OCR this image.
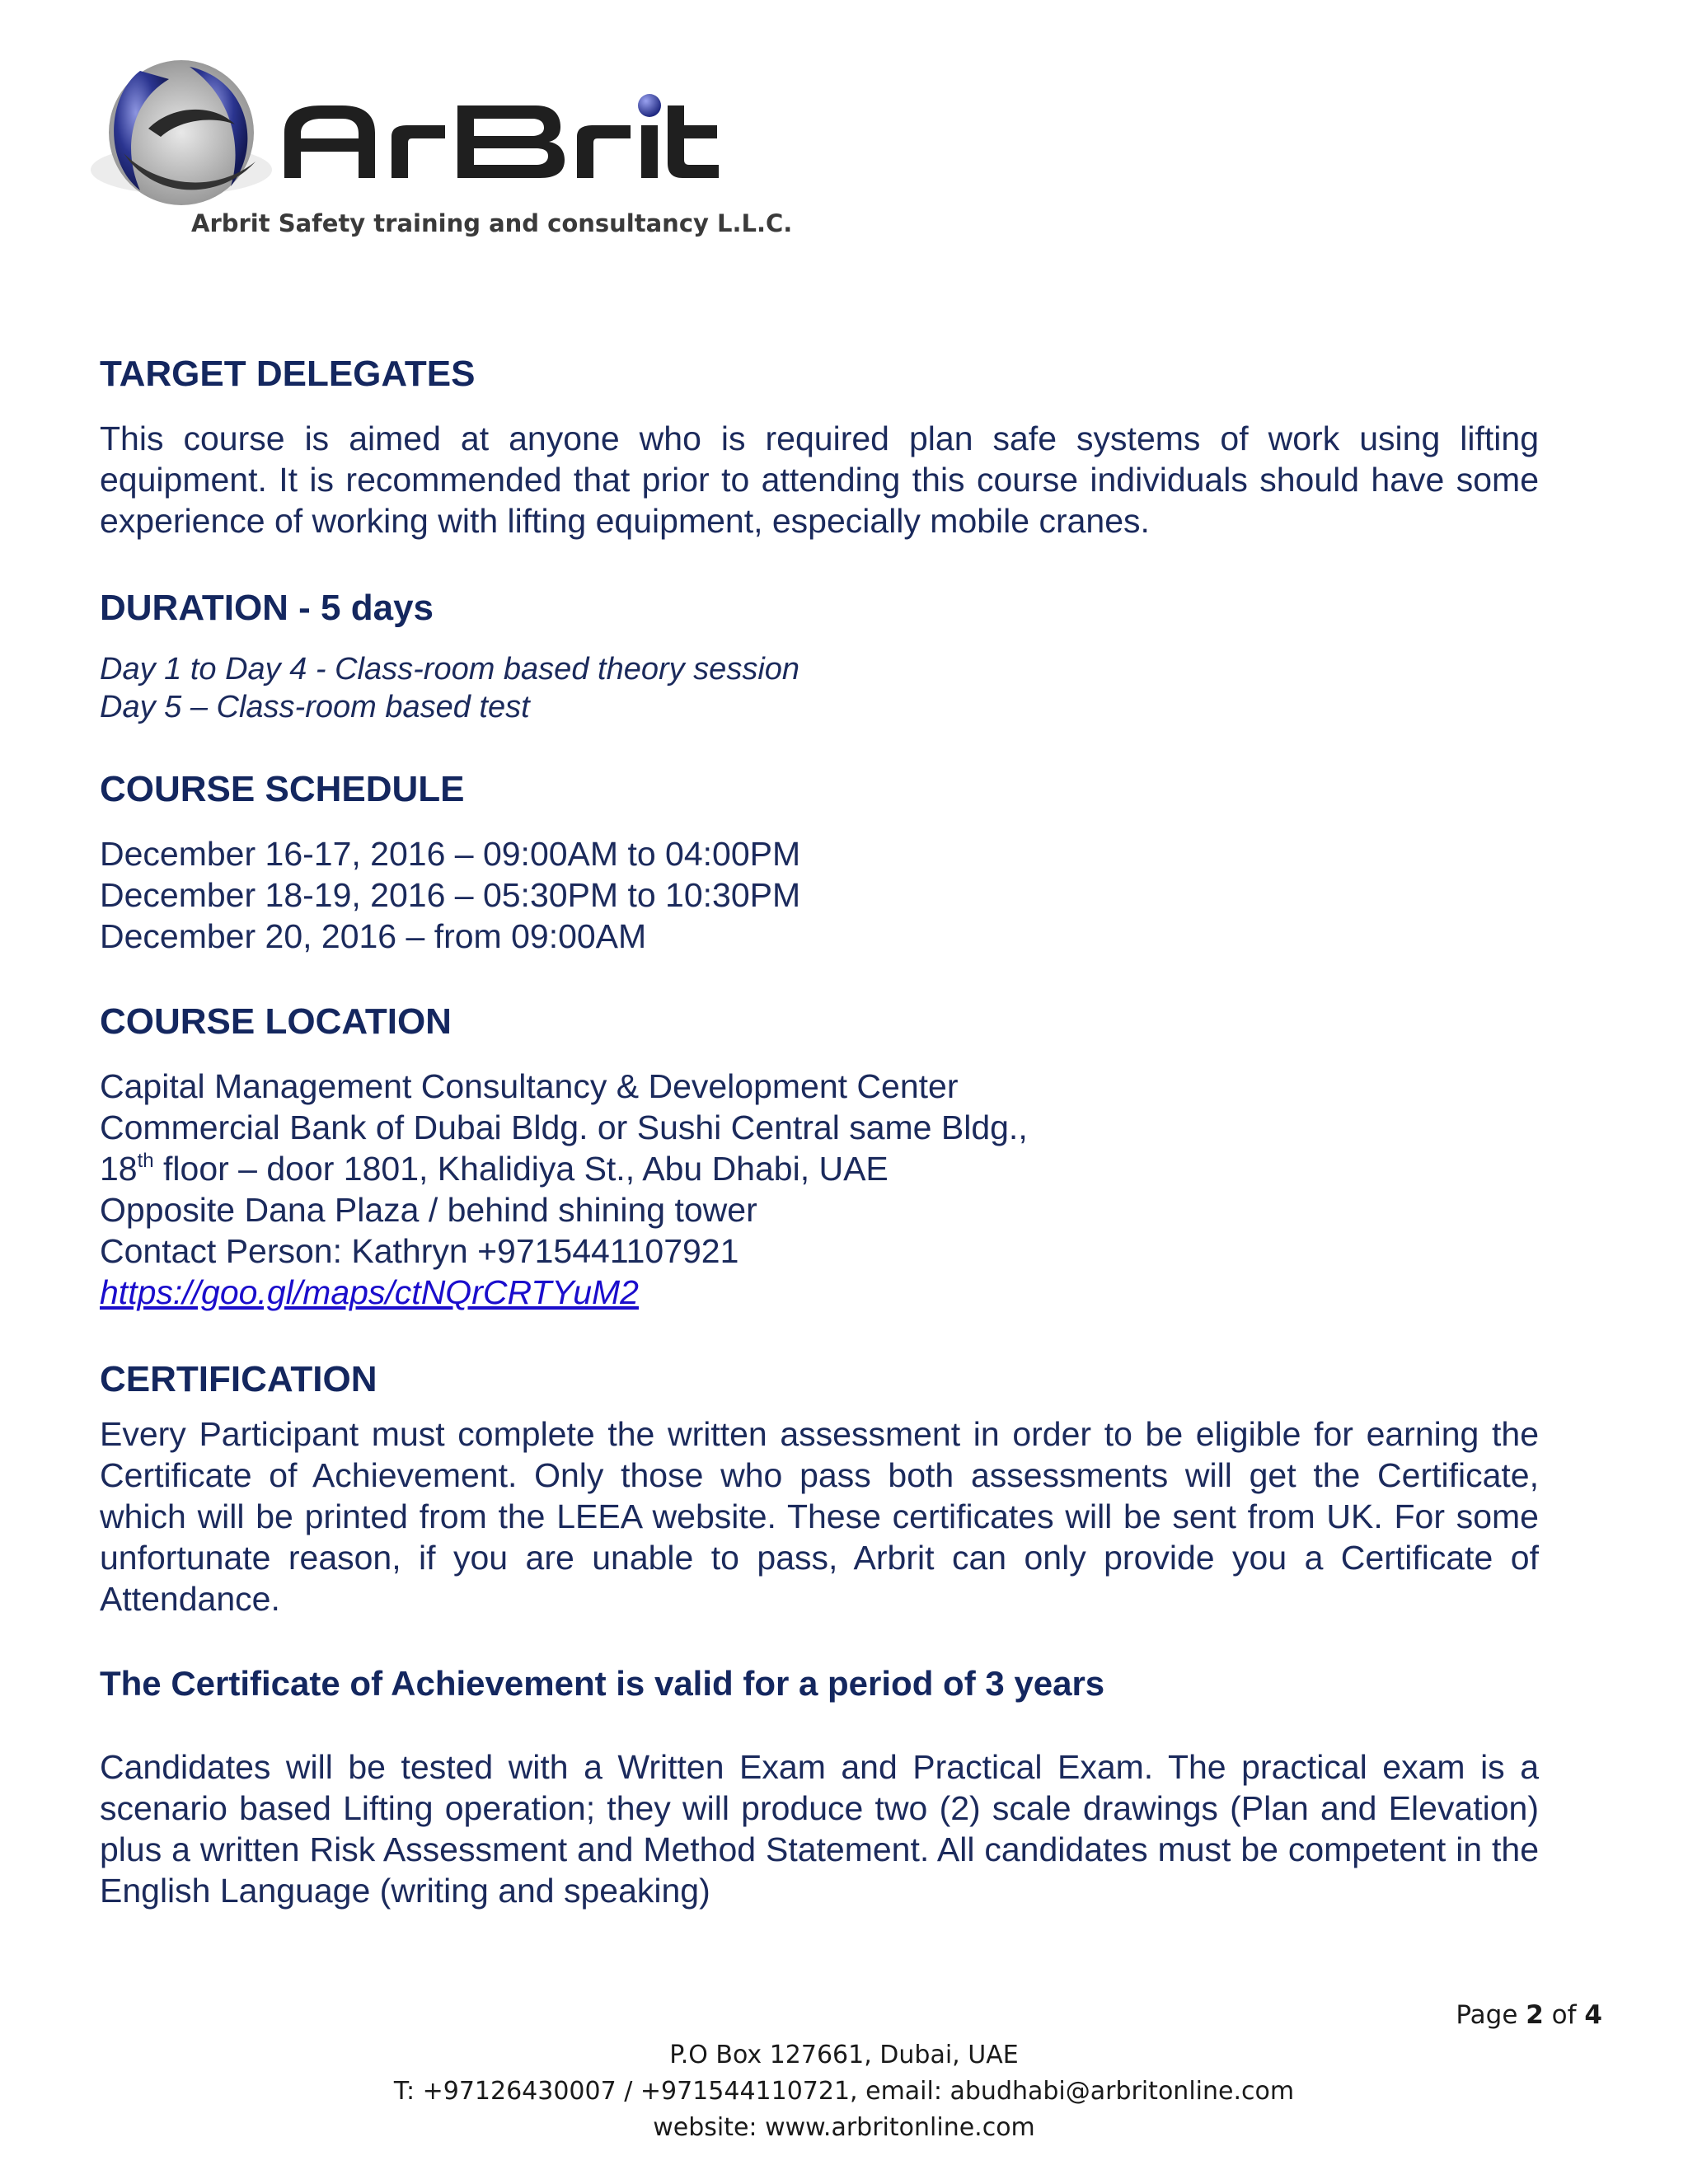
Arbrit Safety training and consultancy L.L.C.
TARGET DELEGATES

This course is aimed at anyone who is required plan safe systems of work using lifting equipment. It is recommended that prior to attending this course individuals should have some experience of working with lifting equipment, especially mobile cranes.

DURATION - 5 days
Day 1 to Day 4 - Class-room based theory session
Day 5 – Class-room based test
COURSE SCHEDULE
December 16-17, 2016 – 09:00AM to 04:00PM
December 18-19, 2016 – 05:30PM to 10:30PM
December 20, 2016 – from 09:00AM
COURSE LOCATION
Capital Management Consultancy & Development Center
Commercial Bank of Dubai Bldg. or Sushi Central same Bldg.,
18th floor – door 1801, Khalidiya St., Abu Dhabi, UAE
Opposite Dana Plaza / behind shining tower
Contact Person: Kathryn +9715441107921
https://goo.gl/maps/ctNQrCRTYuM2
CERTIFICATION

Every Participant must complete the written assessment in order to be eligible for earning the Certificate of Achievement. Only those who pass both assessments will get the Certificate, which will be printed from the LEEA website. These certificates will be sent from UK. For some unfortunate reason, if you are unable to pass, Arbrit can only provide you a Certificate of Attendance.

The Certificate of Achievement is valid for a period of 3 years

Candidates will be tested with a Written Exam and Practical Exam. The practical exam is a scenario based Lifting operation; they will produce two (2) scale drawings (Plan and Elevation) plus a written Risk Assessment and Method Statement. All candidates must be competent in the English Language (writing and speaking)

Page 2 of 4
P.O Box 127661, Dubai, UAE
T: +97126430007 / +971544110721, email: abudhabi@arbritonline.com
website: www.arbritonline.com
